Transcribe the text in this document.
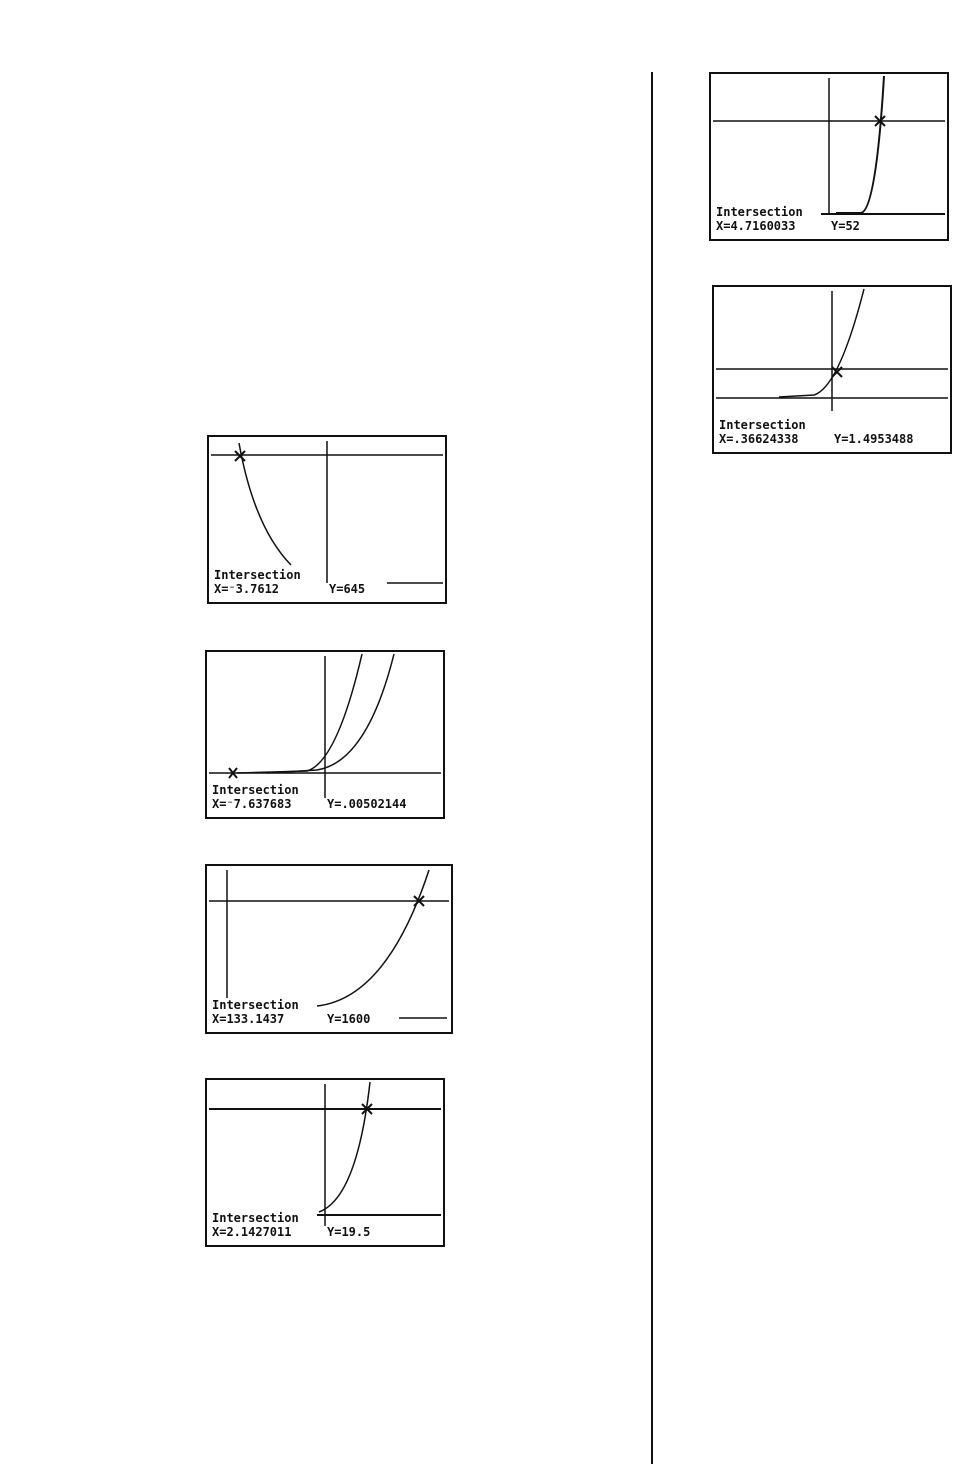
Intersection
X=⁻3.7612	Y=645
Intersection
X=⁻7.637683	Y=.00502144
Intersection
X=133.1437	Y=1600
Intersection
X=2.1427011	Y=19.5
Intersection
X=4.7160033	Y=52
Intersection
X=.36624338	Y=1.4953488
